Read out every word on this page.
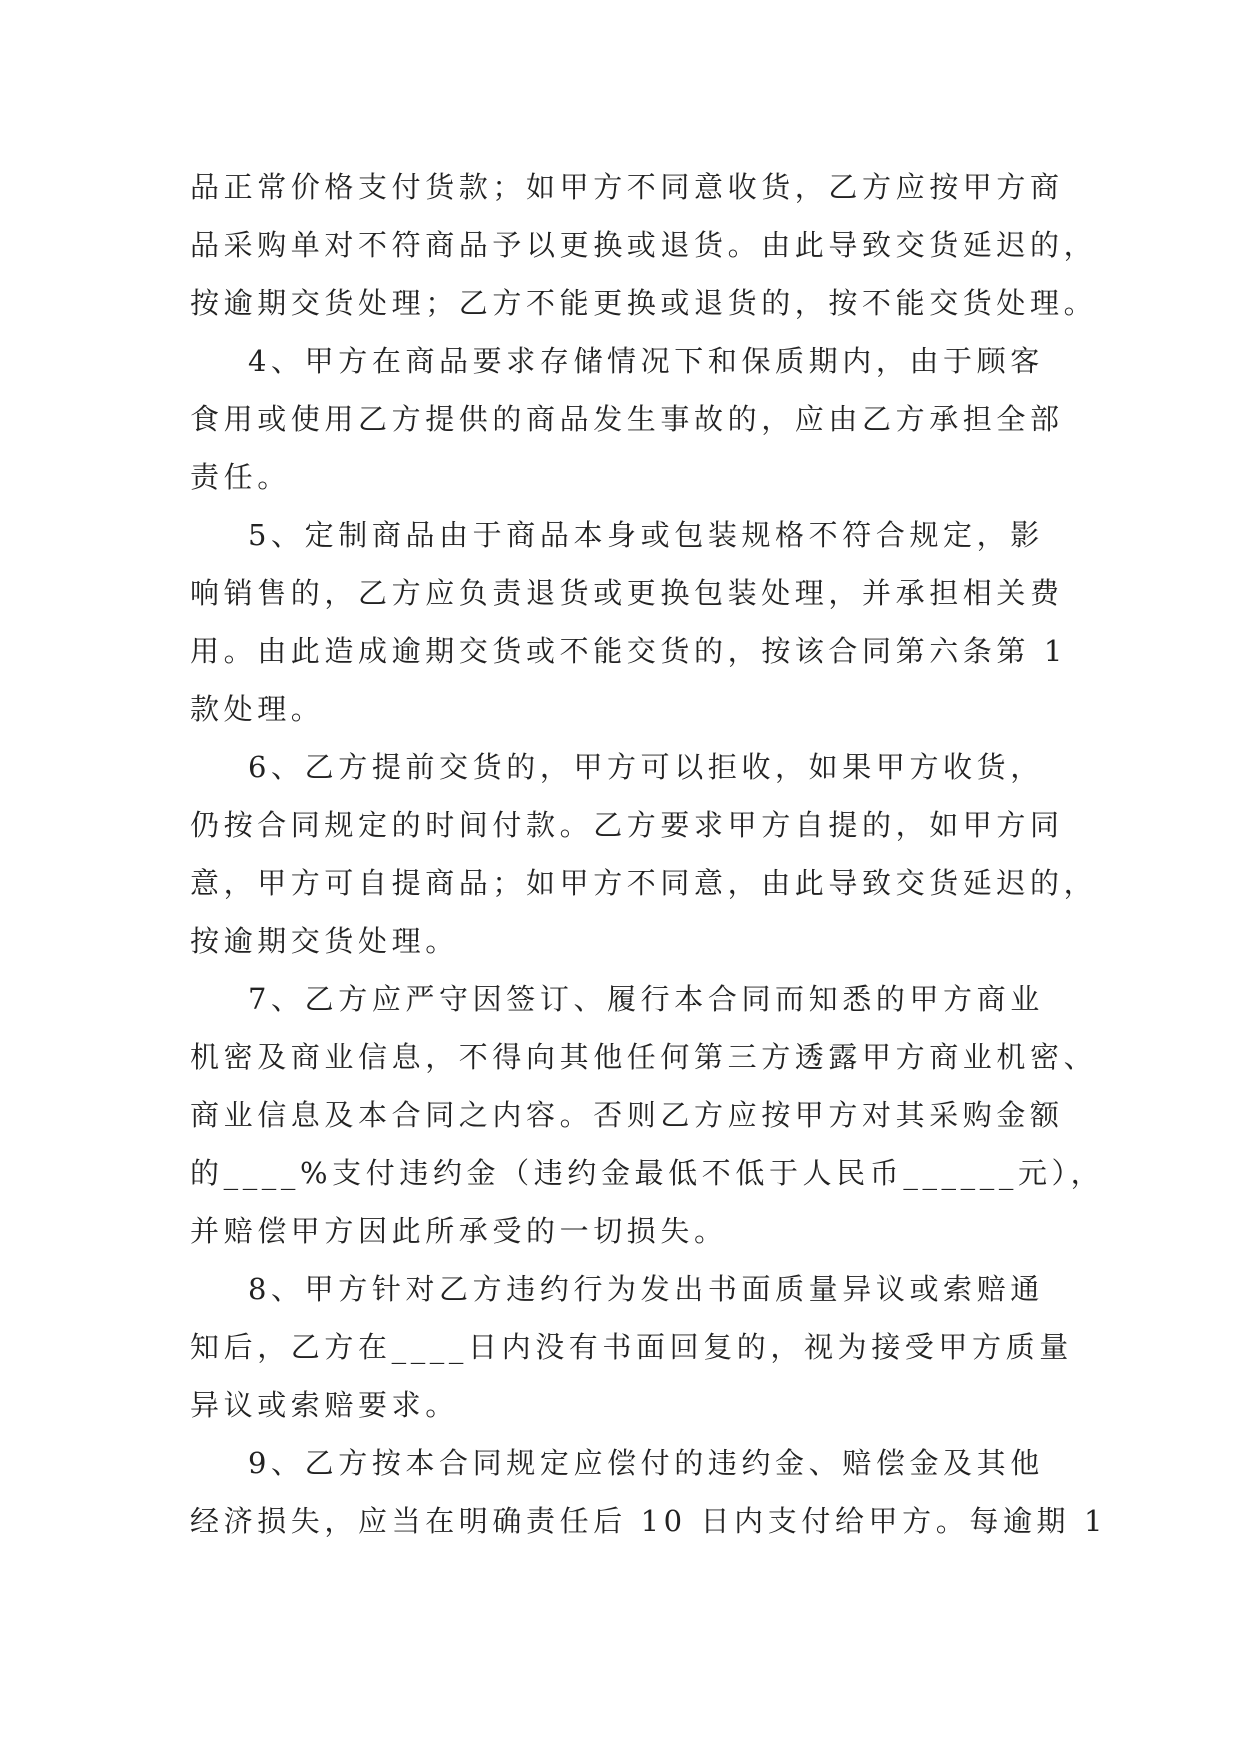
品正常价格支付货款；如甲方不同意收货，乙方应按甲方商
品采购单对不符商品予以更换或退货。由此导致交货延迟的，
按逾期交货处理；乙方不能更换或退货的，按不能交货处理。
4、甲方在商品要求存储情况下和保质期内，由于顾客
食用或使用乙方提供的商品发生事故的，应由乙方承担全部
责任。
5、定制商品由于商品本身或包装规格不符合规定，影
响销售的，乙方应负责退货或更换包装处理，并承担相关费
用。由此造成逾期交货或不能交货的，按该合同第六条第 1
款处理。
6、乙方提前交货的，甲方可以拒收，如果甲方收货，
仍按合同规定的时间付款。乙方要求甲方自提的，如甲方同
意，甲方可自提商品；如甲方不同意，由此导致交货延迟的，
按逾期交货处理。
7、乙方应严守因签订、履行本合同而知悉的甲方商业
机密及商业信息，不得向其他任何第三方透露甲方商业机密、
商业信息及本合同之内容。否则乙方应按甲方对其采购金额
的____%支付违约金（违约金最低不低于人民币______元），
并赔偿甲方因此所承受的一切损失。
8、甲方针对乙方违约行为发出书面质量异议或索赔通
知后，乙方在____日内没有书面回复的，视为接受甲方质量
异议或索赔要求。
9、乙方按本合同规定应偿付的违约金、赔偿金及其他
经济损失，应当在明确责任后 10 日内支付给甲方。每逾期 1
